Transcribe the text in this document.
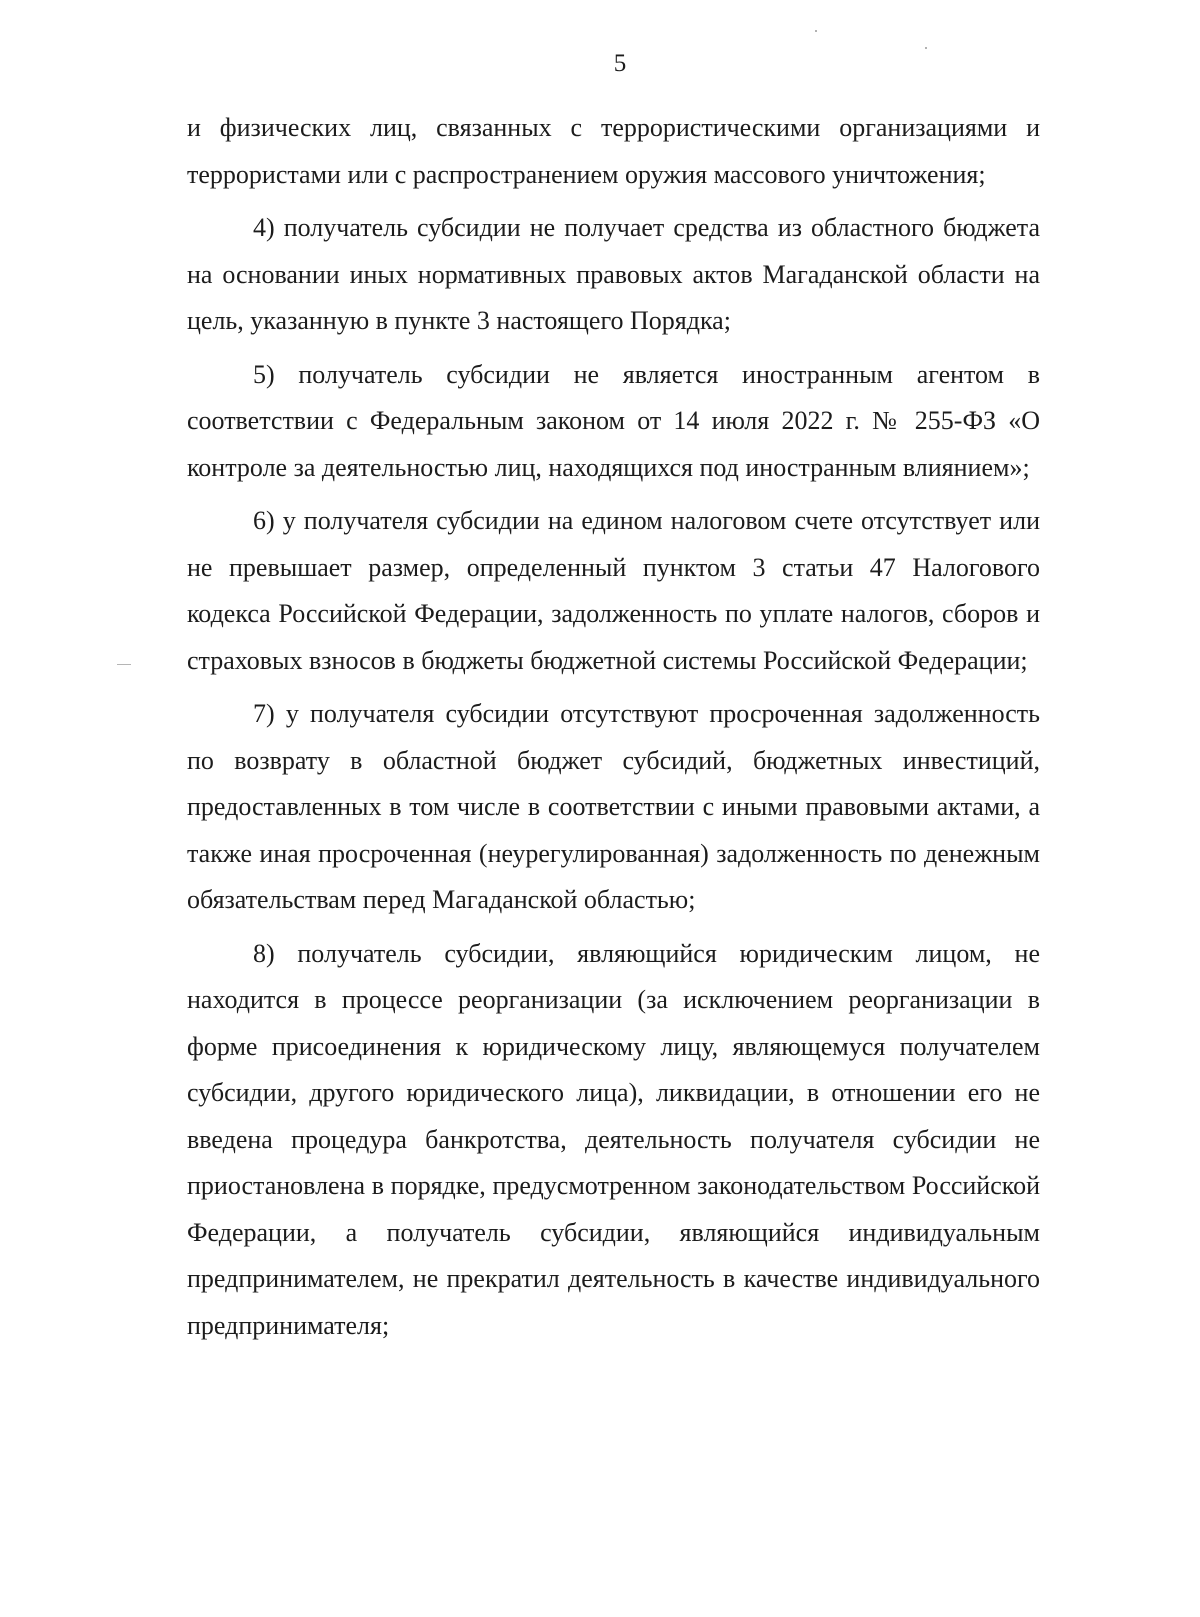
5

и физических лиц, связанных с террористическими организациями и террористами или с распространением оружия массового уничтожения;

4) получатель субсидии не получает средства из областного бюджета на основании иных нормативных правовых актов Магаданской области на цель, указанную в пункте 3 настоящего Порядка;

5) получатель субсидии не является иностранным агентом в соответствии с Федеральным законом от 14 июля 2022 г. № 255-ФЗ «О контроле за деятельностью лиц, находящихся под иностранным влиянием»;

6) у получателя субсидии на едином налоговом счете отсутствует или не превышает размер, определенный пунктом 3 статьи 47 Налогового кодекса Российской Федерации, задолженность по уплате налогов, сборов и страховых взносов в бюджеты бюджетной системы Российской Федерации;

7) у получателя субсидии отсутствуют просроченная задолженность по возврату в областной бюджет субсидий, бюджетных инвестиций, предоставленных в том числе в соответствии с иными правовыми актами, а также иная просроченная (неурегулированная) задолженность по денежным обязательствам перед Магаданской областью;

8) получатель субсидии, являющийся юридическим лицом, не находится в процессе реорганизации (за исключением реорганизации в форме присоединения к юридическому лицу, являющемуся получателем субсидии, другого юридического лица), ликвидации, в отношении его не введена процедура банкротства, деятельность получателя субсидии не приостановлена в порядке, предусмотренном законодательством Российской Федерации, а получатель субсидии, являющийся индивидуальным предпринимателем, не прекратил деятельность в качестве индивидуального предпринимателя;
